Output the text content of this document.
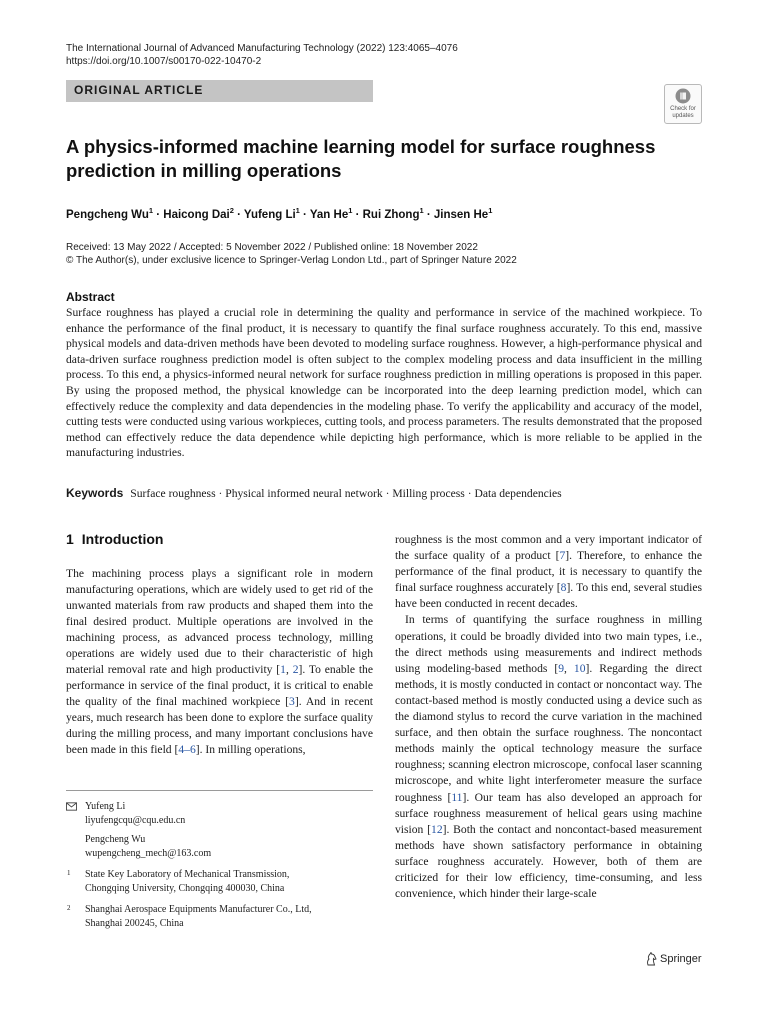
The International Journal of Advanced Manufacturing Technology (2022) 123:4065–4076
https://doi.org/10.1007/s00170-022-10470-2
ORIGINAL ARTICLE
Check for
updates
A physics-informed machine learning model for surface roughness prediction in milling operations
Pengcheng $Wu^1$ · Haicong Dai$^2$ · Yufeng $Li^1$ · Yan $He^1$ · Rui Zhong$^1$ · Jinsen He$^1$
Received: 13 May 2022 / Accepted: 5 November 2022 / Published online: 18 November 2022
© The Author(s), under exclusive licence to Springer-Verlag London Ltd., part of Springer Nature 2022
Abstract

Surface roughness has played a crucial role in determining the quality and performance in service of the machined workpiece. To enhance the performance of the final product, it is necessary to quantify the final surface roughness accurately. To this end, massive physical models and data-driven methods have been devoted to modeling surface roughness. However, a high-performance physical and data-driven surface roughness prediction model is often subject to the complex modeling process and data insufficient in the milling process. To this end, a physics-informed neural network for surface roughness prediction in milling operations is proposed in this paper. By using the proposed method, the physical knowledge can be incorporated into the deep learning prediction model, which can effectively reduce the complexity and data dependencies in the modeling phase. To verify the applicability and accuracy of the model, cutting tests were conducted using various workpieces, cutting tools, and process parameters. The results demonstrated that the proposed method can effectively reduce the data dependence while depicting high performance, which is more reliable to be applied in the manufacturing industries.

Keywords Surface roughness · Physical informed neural network · Milling process · Data dependencies
1 Introduction

The machining process plays a significant role in modern manufacturing operations, which are widely used to get rid of the unwanted materials from raw products and shaped them into the final desired product. Multiple operations are involved in the machining process, as advanced process technology, milling operations are widely used due to their characteristic of high material removal rate and high productivity [1, 2]. To enable the performance in service of the final product, it is critical to enable the quality of the final machined workpiece [3]. And in recent years, much research has been done to explore the surface quality during the milling process, and many important conclusions have been made in this field [4–6]. In milling operations,

roughness is the most common and a very important indicator of the surface quality of a product [7]. Therefore, to enhance the performance of the final product, it is necessary to quantify the final surface roughness accurately [8]. To this end, several studies have been conducted in recent decades.

In terms of quantifying the surface roughness in milling operations, it could be broadly divided into two main types, i.e., the direct methods using measurements and indirect methods using modeling-based methods [9, 10]. Regarding the direct methods, it is mostly conducted in contact or noncontact way. The contact-based method is mostly conducted using a device such as the diamond stylus to record the curve variation in the machined surface, and then obtain the surface roughness. The noncontact methods mainly the optical technology measure the surface roughness; scanning electron microscope, confocal laser scanning microscope, and white light interferometer measure the surface roughness [11]. Our team has also developed an approach for surface roughness measurement of helical gears using machine vision [12]. Both the contact and noncontact-based measurement methods have shown satisfactory performance in obtaining surface roughness accurately. However, both of them are criticized for their low efficiency, time-consuming, and less convenience, which hinder their large-scale

Yufeng Li
liyufengcqu@cqu.edu.cn
Pengcheng Wu
wupengcheng_mech@163.com
1 State Key Laboratory of Mechanical Transmission,
Chongqing University, Chongqing 400030, China
2 Shanghai Aerospace Equipments Manufacturer Co., Ltd,
Shanghai 200245, China
Springer
